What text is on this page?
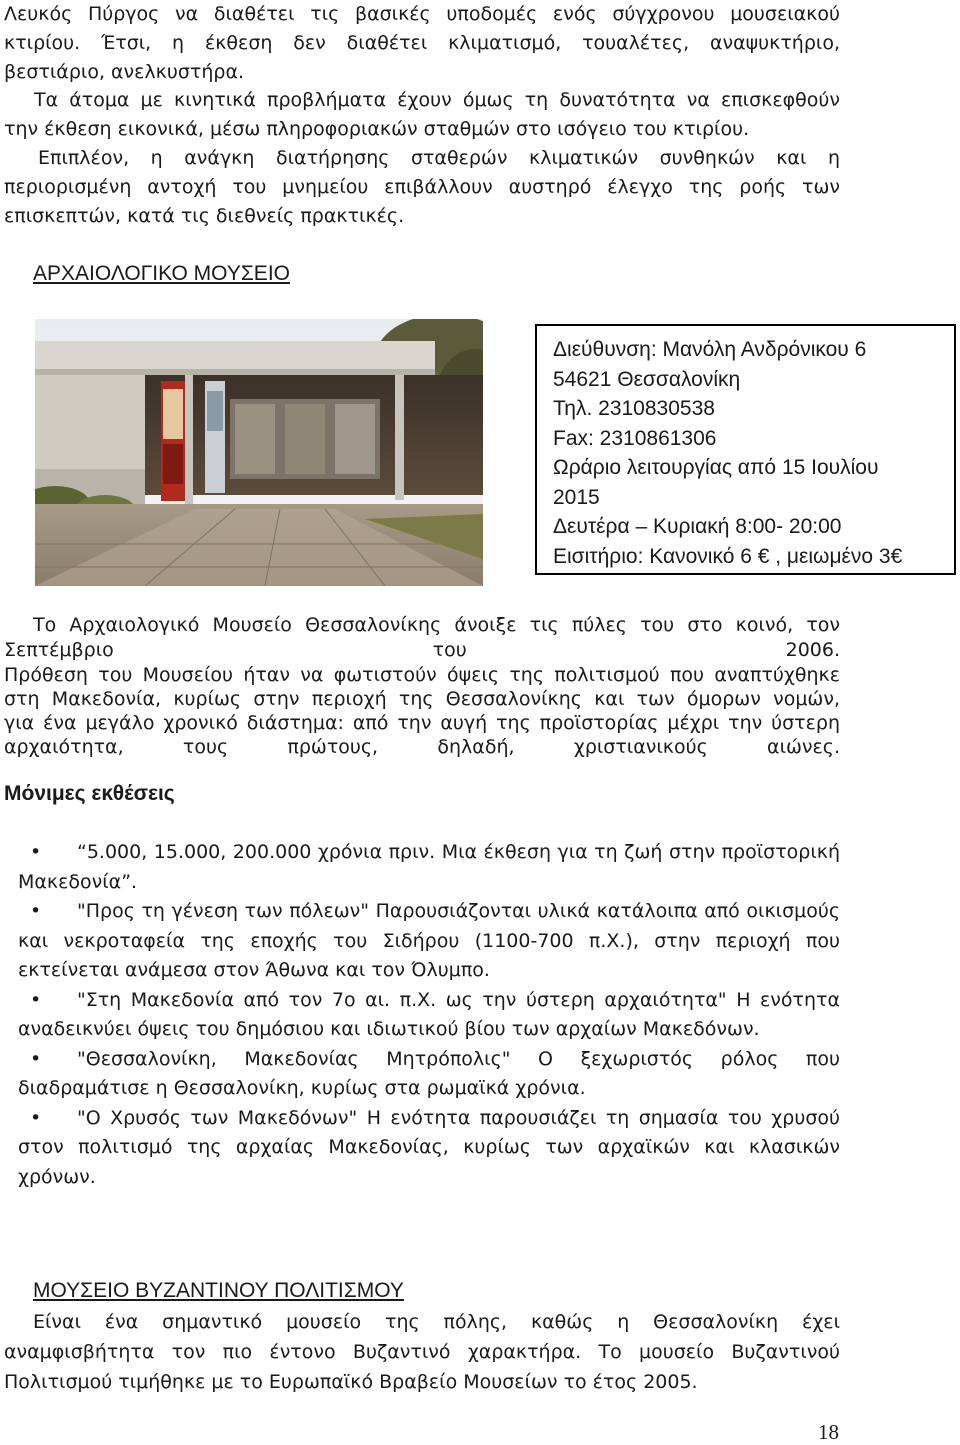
Λευκός Πύργος να διαθέτει τις βασικές υποδομές ενός σύγχρονου μουσειακού
κτιρίου. Έτσι, η έκθεση δεν διαθέτει κλιματισμό, τουαλέτες, αναψυκτήριο,
βεστιάριο, ανελκυστήρα.
Τα άτομα με κινητικά προβλήματα έχουν όμως τη δυνατότητα να επισκεφθούν
την έκθεση εικονικά, μέσω πληροφοριακών σταθμών στο ισόγειο του κτιρίου.
Επιπλέον, η ανάγκη διατήρησης σταθερών κλιματικών συνθηκών και η
περιορισμένη αντοχή του μνημείου επιβάλλουν αυστηρό έλεγχο της ροής των
επισκεπτών, κατά τις διεθνείς πρακτικές.
ΑΡΧΑΙΟΛΟΓΙΚΟ ΜΟΥΣΕΙΟ
Διεύθυνση: Μανόλη Ανδρόνικου 6
54621 Θεσσαλονίκη
Τηλ. 2310830538
Fax: 2310861306
Ωράριο λειτουργίας από 15 Ιουλίου
2015
Δευτέρα – Κυριακή 8:00- 20:00
Εισιτήριο: Κανονικό 6 € , μειωμένο 3€
Το Αρχαιολογικό Μουσείο Θεσσαλονίκης άνοιξε τις πύλες του στο κοινό, τον
Σεπτέμβριο του 2006.
Πρόθεση του Μουσείου ήταν να φωτιστούν όψεις της πολιτισμού που αναπτύχθηκε
στη Μακεδονία, κυρίως στην περιοχή της Θεσσαλονίκης και των όμορων νομών,
για ένα μεγάλο χρονικό διάστημα: από την αυγή της προϊστορίας μέχρι την ύστερη
αρχαιότητα, τους πρώτους, δηλαδή, χριστιανικούς αιώνες.
Μόνιμες εκθέσεις
• “5.000, 15.000, 200.000 χρόνια πριν. Μια έκθεση για τη ζωή στην προϊστορική Μακεδονία”.
• "Προς τη γένεση των πόλεων" Παρουσιάζονται υλικά κατάλοιπα από οικισμούς και νεκροταφεία της εποχής του Σιδήρου (1100-700 π.Χ.), στην περιοχή που εκτείνεται ανάμεσα στον Άθωνα και τον Όλυμπο.
• "Στη Μακεδονία από τον 7ο αι. π.Χ. ως την ύστερη αρχαιότητα" Η ενότητα αναδεικνύει όψεις του δημόσιου και ιδιωτικού βίου των αρχαίων Μακεδόνων.
• "Θεσσαλονίκη, Μακεδονίας Μητρόπολις" Ο ξεχωριστός ρόλος που διαδραμάτισε η Θεσσαλονίκη, κυρίως στα ρωμαϊκά χρόνια.
• "Ο Χρυσός των Μακεδόνων" Η ενότητα παρουσιάζει τη σημασία του χρυσού στον πολιτισμό της αρχαίας Μακεδονίας, κυρίως των αρχαϊκών και κλασικών χρόνων.
ΜΟΥΣΕΙΟ ΒΥΖΑΝΤΙΝΟΥ ΠΟΛΙΤΙΣΜΟΥ
Είναι ένα σημαντικό μουσείο της πόλης, καθώς η Θεσσαλονίκη έχει
αναμφισβήτητα τον πιο έντονο Βυζαντινό χαρακτήρα. Το μουσείο Βυζαντινού
Πολιτισμού τιμήθηκε με το Ευρωπαϊκό Βραβείο Μουσείων το έτος 2005.
18
